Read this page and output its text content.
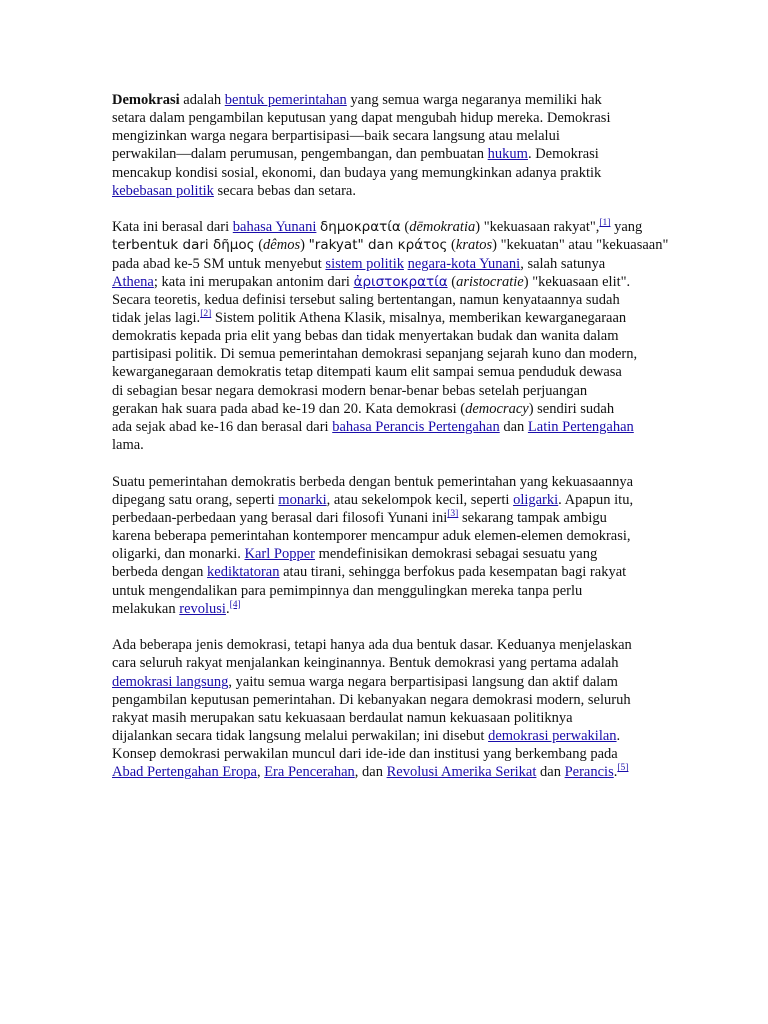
Demokrasi adalah bentuk pemerintahan yang semua warga negaranya memiliki hak
setara dalam pengambilan keputusan yang dapat mengubah hidup mereka. Demokrasi
mengizinkan warga negara berpartisipasi—baik secara langsung atau melalui
perwakilan—dalam perumusan, pengembangan, dan pembuatan hukum. Demokrasi
mencakup kondisi sosial, ekonomi, dan budaya yang memungkinkan adanya praktik
kebebasan politik secara bebas dan setara.
Kata ini berasal dari bahasa Yunani δημοκρατία (dēmokratia) "kekuasaan rakyat",[1] yang
terbentuk dari δῆμος (dêmos) "rakyat" dan κράτος (kratos) "kekuatan" atau "kekuasaan"
pada abad ke-5 SM untuk menyebut sistem politik negara-kota Yunani, salah satunya
Athena; kata ini merupakan antonim dari ἀριστοκρατία (aristocratie) "kekuasaan elit".
Secara teoretis, kedua definisi tersebut saling bertentangan, namun kenyataannya sudah
tidak jelas lagi.[2] Sistem politik Athena Klasik, misalnya, memberikan kewarganegaraan
demokratis kepada pria elit yang bebas dan tidak menyertakan budak dan wanita dalam
partisipasi politik. Di semua pemerintahan demokrasi sepanjang sejarah kuno dan modern,
kewarganegaraan demokratis tetap ditempati kaum elit sampai semua penduduk dewasa
di sebagian besar negara demokrasi modern benar-benar bebas setelah perjuangan
gerakan hak suara pada abad ke-19 dan 20. Kata demokrasi (democracy) sendiri sudah
ada sejak abad ke-16 dan berasal dari bahasa Perancis Pertengahan dan Latin Pertengahan
lama.
Suatu pemerintahan demokratis berbeda dengan bentuk pemerintahan yang kekuasaannya
dipegang satu orang, seperti monarki, atau sekelompok kecil, seperti oligarki. Apapun itu,
perbedaan-perbedaan yang berasal dari filosofi Yunani ini[3] sekarang tampak ambigu
karena beberapa pemerintahan kontemporer mencampur aduk elemen-elemen demokrasi,
oligarki, dan monarki. Karl Popper mendefinisikan demokrasi sebagai sesuatu yang
berbeda dengan kediktatoran atau tirani, sehingga berfokus pada kesempatan bagi rakyat
untuk mengendalikan para pemimpinnya dan menggulingkan mereka tanpa perlu
melakukan revolusi.[4]
Ada beberapa jenis demokrasi, tetapi hanya ada dua bentuk dasar. Keduanya menjelaskan
cara seluruh rakyat menjalankan keinginannya. Bentuk demokrasi yang pertama adalah
demokrasi langsung, yaitu semua warga negara berpartisipasi langsung dan aktif dalam
pengambilan keputusan pemerintahan. Di kebanyakan negara demokrasi modern, seluruh
rakyat masih merupakan satu kekuasaan berdaulat namun kekuasaan politiknya
dijalankan secara tidak langsung melalui perwakilan; ini disebut demokrasi perwakilan.
Konsep demokrasi perwakilan muncul dari ide-ide dan institusi yang berkembang pada
Abad Pertengahan Eropa, Era Pencerahan, dan Revolusi Amerika Serikat dan Perancis.[5]
